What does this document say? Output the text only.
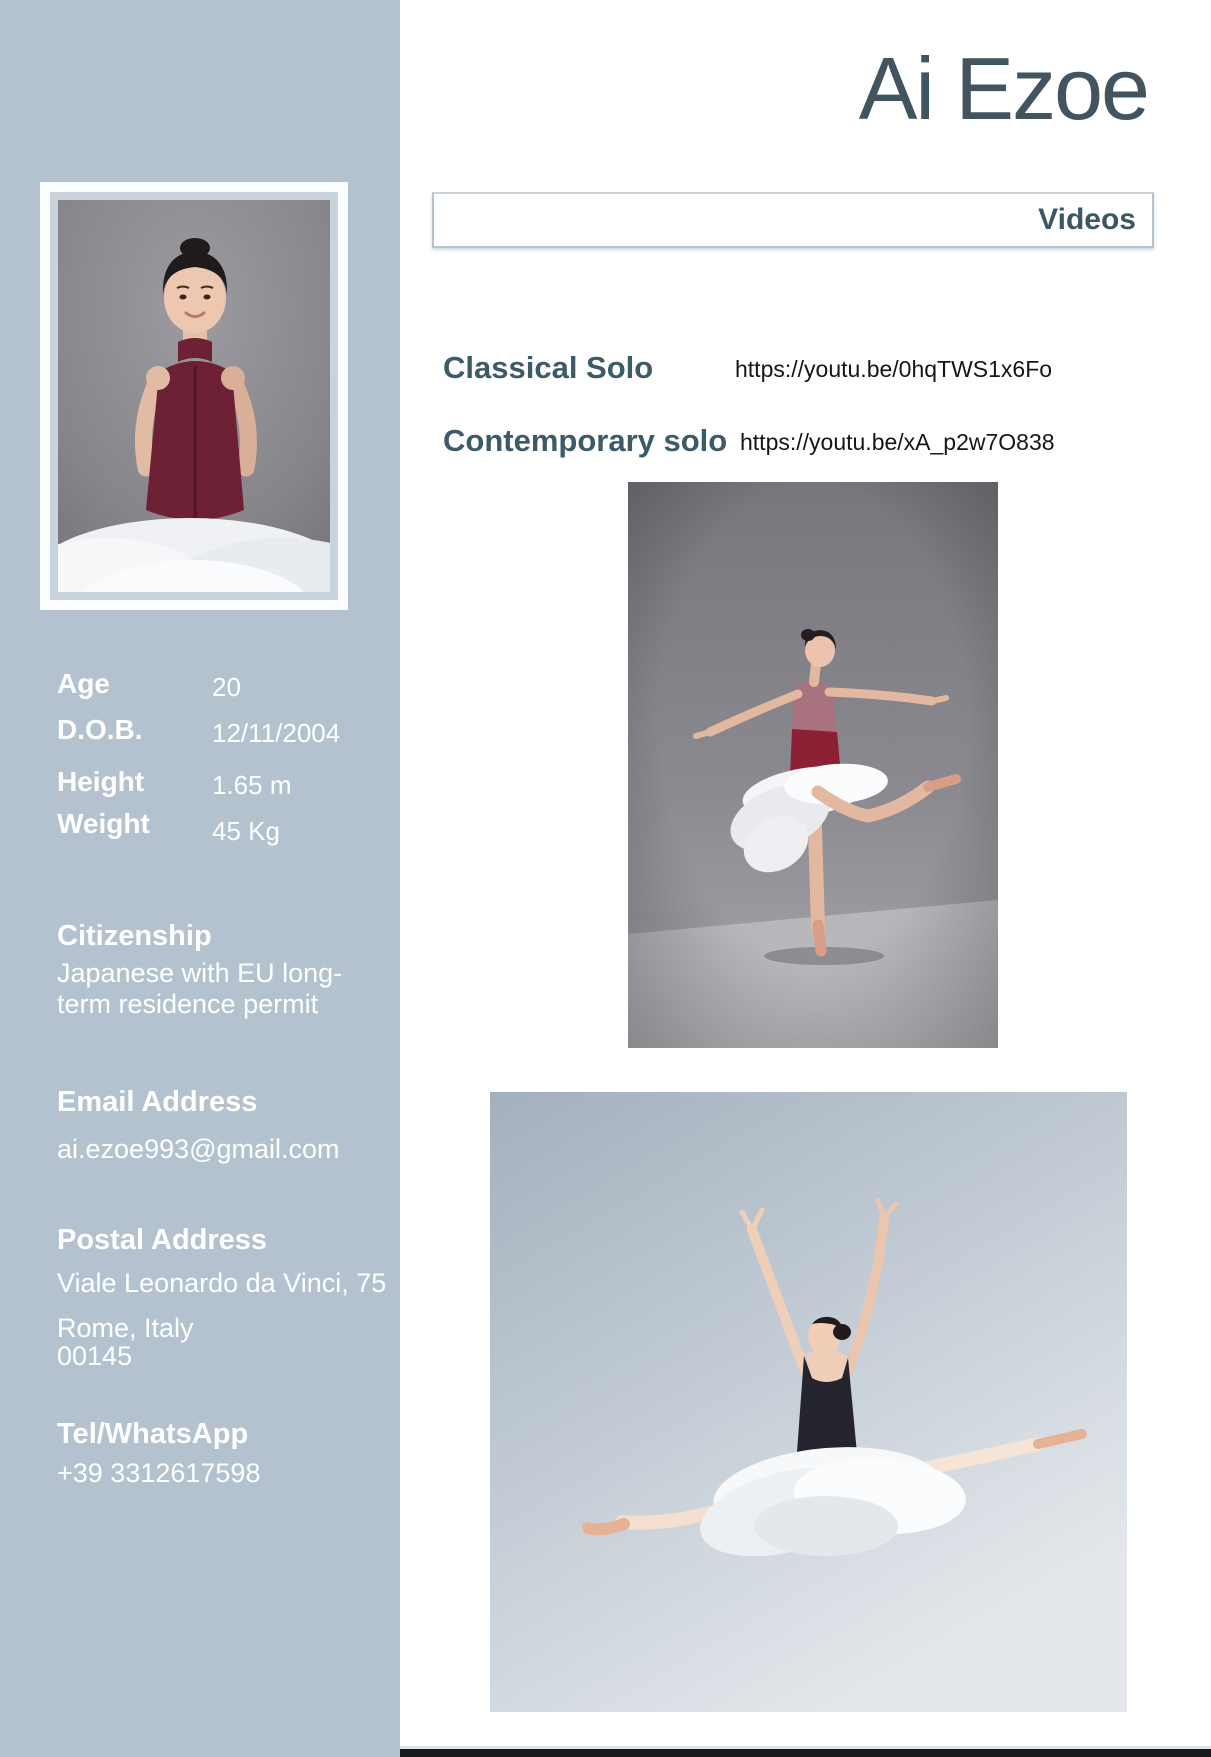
Age	20
D.O.B.	12/11/2004
Height	1.65 m
Weight 45 Kg
Citizenship
Japanese with EU long-
term residence permit
Email Address
ai.ezoe993@gmail.com
Postal Address
Viale Leonardo da Vinci, 75
Rome, Italy
00145
Tel/WhatsApp
+39 3312617598
Ai Ezoe
Videos
Classical Solo	https://youtu.be/0hqTWS1x6Fo
Contemporary solo https://youtu.be/xA_p2w7O838
